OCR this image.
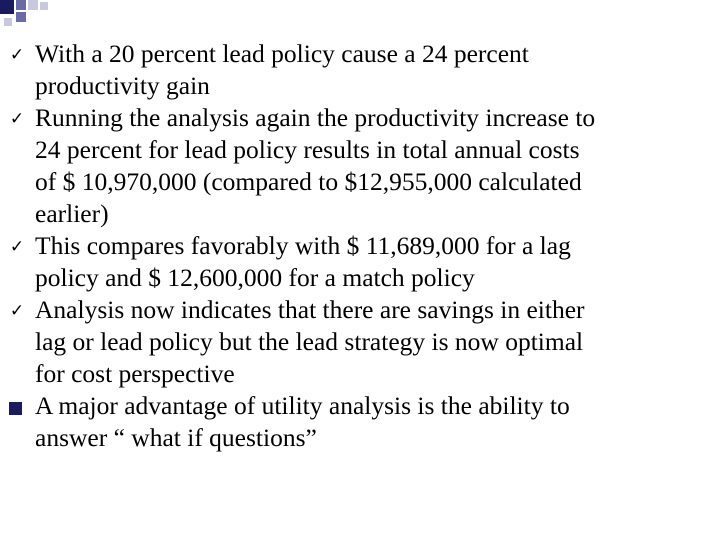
✓ With a 20 percent lead policy cause a 24 percent
productivity gain

✓ Running the analysis again the productivity increase to
24 percent for lead policy results in total annual costs
of $ 10,970,000 (compared to $12,955,000 calculated
earlier)

✓ This compares favorably with $ 11,689,000 for a lag
policy and $ 12,600,000 for a match policy

✓ Analysis now indicates that there are savings in either
lag or lead policy but the lead strategy is now optimal
for cost perspective

A major advantage of utility analysis is the ability to
answer “ what if questions”
